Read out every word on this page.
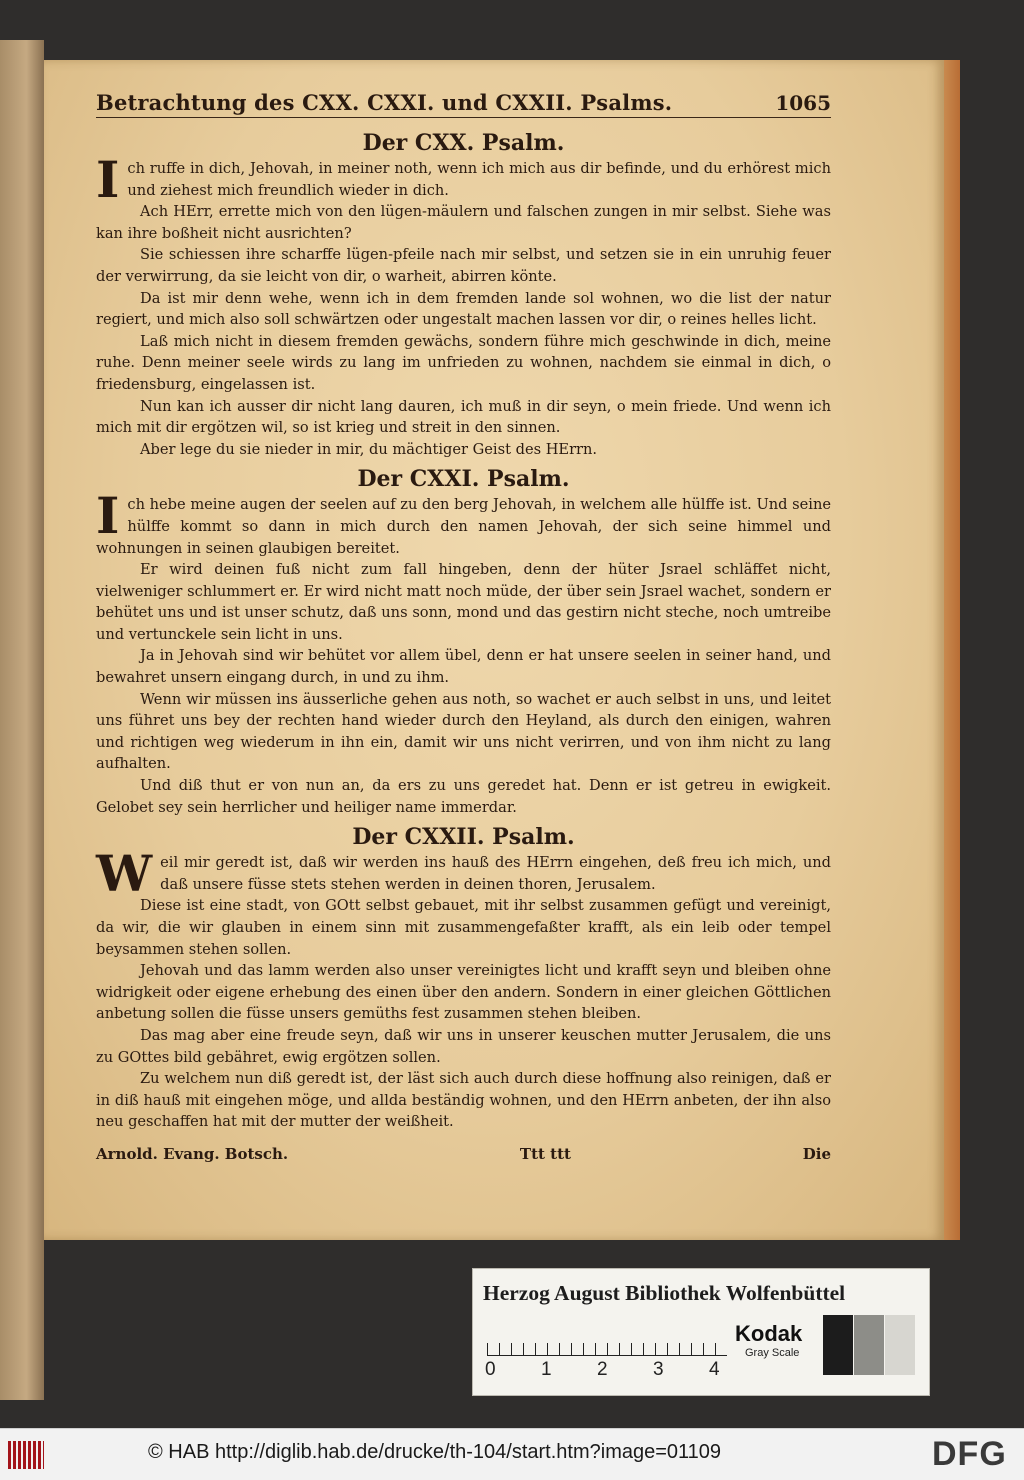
Betrachtung des CXX. CXXI. und CXXII. Psalms.	1065
Der CXX. Psalm.

Ich ruffe in dich, Jehovah, in meiner noth, wenn ich mich aus dir befinde, und du erhörest mich und ziehest mich freundlich wieder in dich.

Ach HErr, errette mich von den lügen-mäulern und falschen zungen in mir selbst. Siehe was kan ihre boßheit nicht ausrichten?

Sie schiessen ihre scharffe lügen-pfeile nach mir selbst, und setzen sie in ein unruhig feuer der verwirrung, da sie leicht von dir, o warheit, abirren könte.

Da ist mir denn wehe, wenn ich in dem fremden lande sol wohnen, wo die list der natur regiert, und mich also soll schwärtzen oder ungestalt machen lassen vor dir, o reines helles licht.

Laß mich nicht in diesem fremden gewächs, sondern führe mich geschwinde in dich, meine ruhe. Denn meiner seele wirds zu lang im unfrieden zu wohnen, nachdem sie einmal in dich, o friedensburg, eingelassen ist.

Nun kan ich ausser dir nicht lang dauren, ich muß in dir seyn, o mein friede. Und wenn ich mich mit dir ergötzen wil, so ist krieg und streit in den sinnen.

Aber lege du sie nieder in mir, du mächtiger Geist des HErrn.

Der CXXI. Psalm.

Ich hebe meine augen der seelen auf zu den berg Jehovah, in welchem alle hülffe ist. Und seine hülffe kommt so dann in mich durch den namen Jehovah, der sich seine himmel und wohnungen in seinen glaubigen bereitet.

Er wird deinen fuß nicht zum fall hingeben, denn der hüter Jsrael schläffet nicht, vielweniger schlummert er. Er wird nicht matt noch müde, der über sein Jsrael wachet, sondern er behütet uns und ist unser schutz, daß uns sonn, mond und das gestirn nicht steche, noch umtreibe und vertunckele sein licht in uns.

Ja in Jehovah sind wir behütet vor allem übel, denn er hat unsere seelen in seiner hand, und bewahret unsern eingang durch, in und zu ihm.

Wenn wir müssen ins äusserliche gehen aus noth, so wachet er auch selbst in uns, und leitet uns führet uns bey der rechten hand wieder durch den Heyland, als durch den einigen, wahren und richtigen weg wiederum in ihn ein, damit wir uns nicht verirren, und von ihm nicht zu lang aufhalten.

Und diß thut er von nun an, da ers zu uns geredet hat. Denn er ist getreu in ewigkeit. Gelobet sey sein herrlicher und heiliger name immerdar.

Der CXXII. Psalm.

Weil mir geredt ist, daß wir werden ins hauß des HErrn eingehen, deß freu ich mich, und daß unsere füsse stets stehen werden in deinen thoren, Jerusalem.

Diese ist eine stadt, von GOtt selbst gebauet, mit ihr selbst zusammen gefügt und vereinigt, da wir, die wir glauben in einem sinn mit zusammengefaßter krafft, als ein leib oder tempel beysammen stehen sollen.

Jehovah und das lamm werden also unser vereinigtes licht und krafft seyn und bleiben ohne widrigkeit oder eigene erhebung des einen über den andern. Sondern in einer gleichen Göttlichen anbetung sollen die füsse unsers gemüths fest zusammen stehen bleiben.

Das mag aber eine freude seyn, daß wir uns in unserer keuschen mutter Jerusalem, die uns zu GOttes bild gebähret, ewig ergötzen sollen.

Zu welchem nun diß geredt ist, der läst sich auch durch diese hoffnung also reinigen, daß er in diß hauß mit eingehen möge, und allda beständig wohnen, und den HErrn anbeten, der ihn also neu geschaffen hat mit der mutter der weißheit.

Arnold. Evang. Botsch.	Ttt ttt	Die
Herzog August Bibliothek Wolfenbüttel
0 1 2 3 4
Kodak
Gray Scale
© HAB http://diglib.hab.de/drucke/th-104/start.htm?image=01109	DFG
